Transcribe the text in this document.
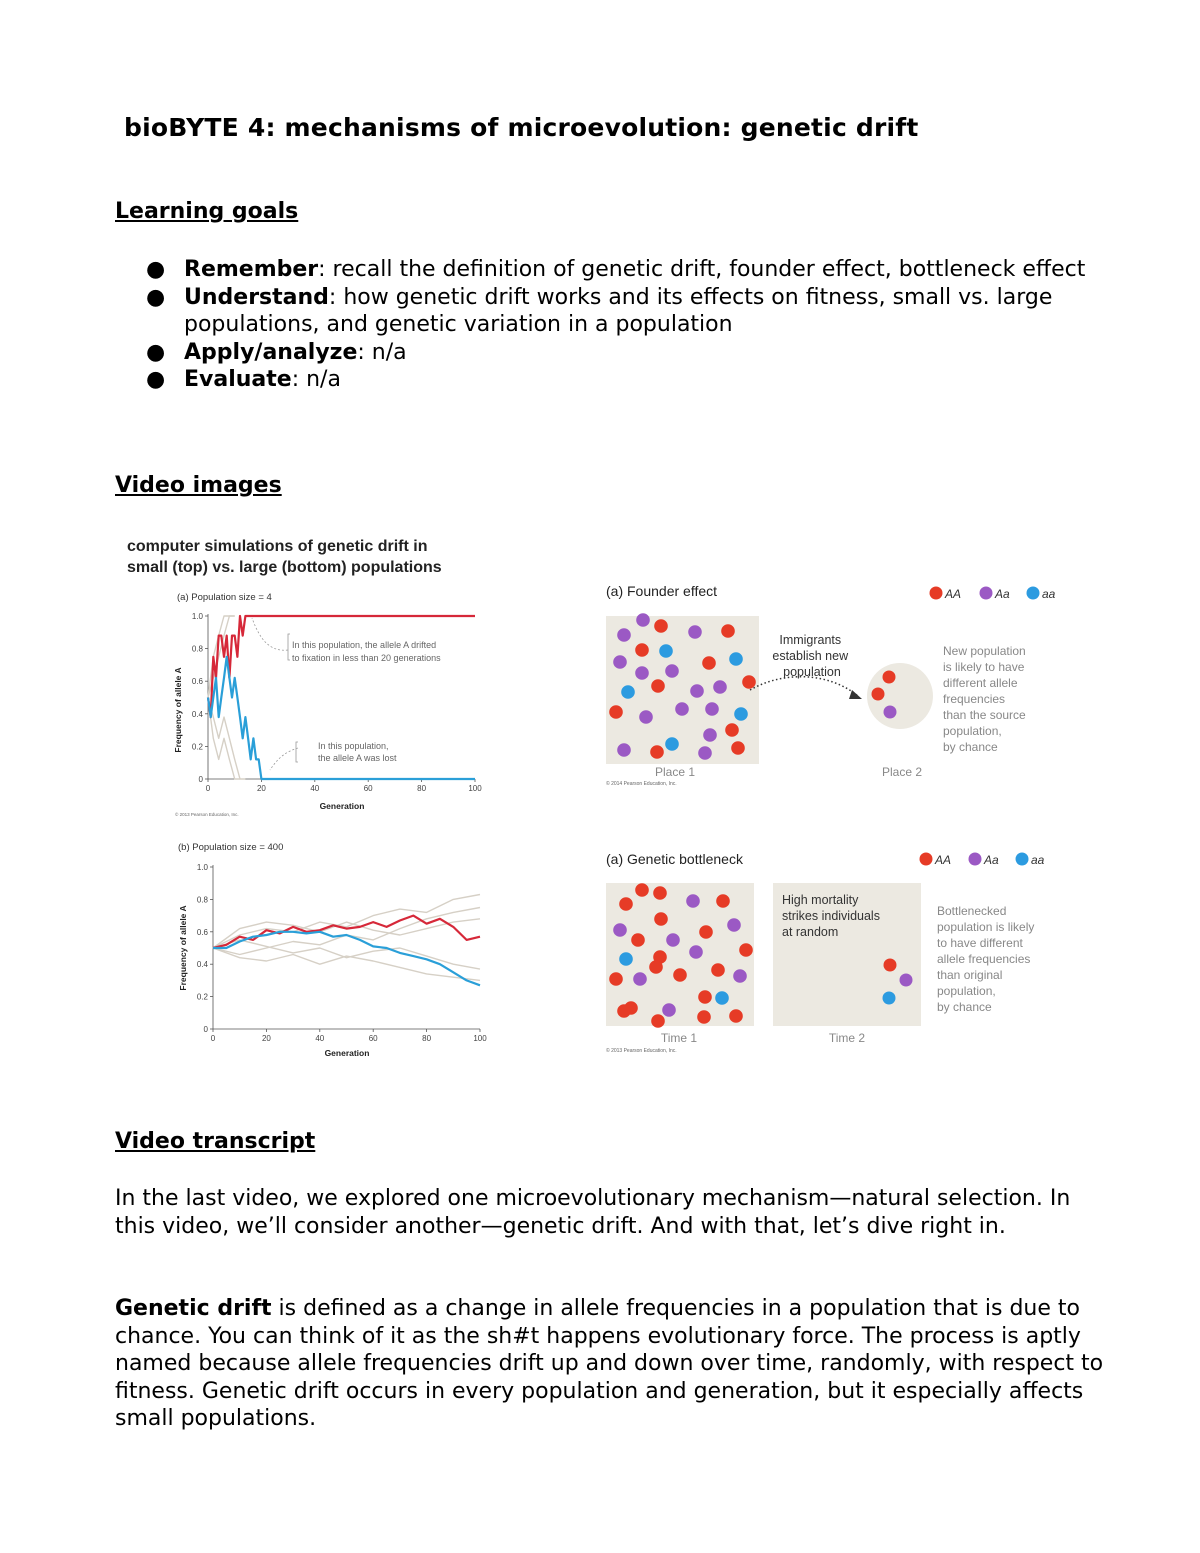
bioBYTE 4: mechanisms of microevolution: genetic drift
Learning goals
● Remember: recall the definition of genetic drift, founder effect, bottleneck effect
● Understand: how genetic drift works and its effects on fitness, small vs. large populations, and genetic variation in a population
● Apply/analyze: n/a
● Evaluate: n/a
Video images
computer simulations of genetic drift in
small (top) vs. large (bottom) populations
(a) Population size = 4
Frequency of allele A
0
0.2
0.4
0.6
0.8
1.0
0	20	40	60	80	100
Generation
© 2013 Pearson Education, Inc.
In this population, the allele A drifted
to fixation in less than 20 generations
In this population,
the allele A was lost
(b) Population size = 400
Frequency of allele A
0
0.2
0.4
0.6
0.8
1.0
0	20	40	60	80	100
Generation
(a) Founder effect	AA	Aa	aa
Place 1
© 2014 Pearson Education, Inc.
Immigrants establish new population
Place 2
New population is likely to have different allele frequencies than the source population, by chance
(a) Genetic bottleneck	AA	Aa	aa
Time 1
© 2013 Pearson Education, Inc.
High mortality strikes individuals at random
Time 2
Bottlenecked population is likely to have different allele frequencies than original population, by chance
Video transcript

In the last video, we explored one microevolutionary mechanism—natural selection. In this video, we’ll consider another—genetic drift. And with that, let’s dive right in.

Genetic drift is defined as a change in allele frequencies in a population that is due to chance. You can think of it as the sh#t happens evolutionary force. The process is aptly named because allele frequencies drift up and down over time, randomly, with respect to fitness. Genetic drift occurs in every population and generation, but it especially affects small populations.
